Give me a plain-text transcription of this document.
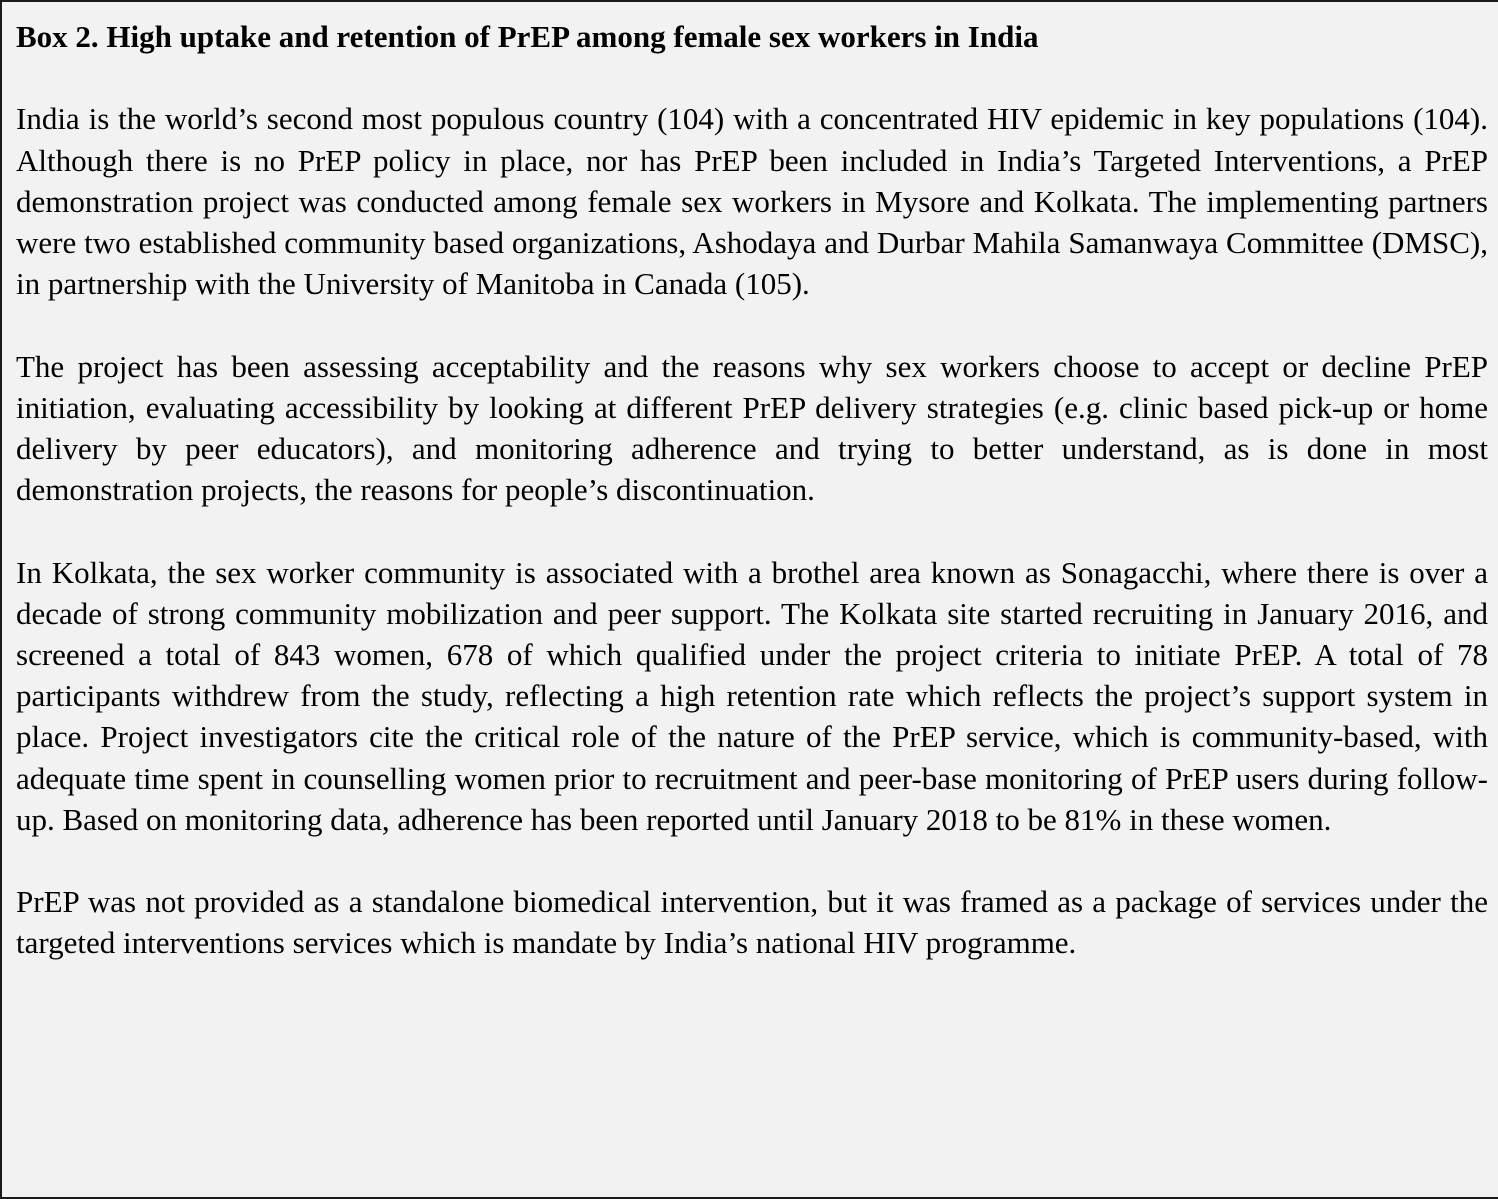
Box 2. High uptake and retention of PrEP among female sex workers in India

India is the world’s second most populous country (104) with a concentrated HIV epidemic in key populations (104). Although there is no PrEP policy in place, nor has PrEP been included in India’s Targeted Interventions, a PrEP demonstration project was conducted among female sex workers in Mysore and Kolkata. The implementing partners were two established community based organizations, Ashodaya and Durbar Mahila Samanwaya Committee (DMSC), in partnership with the University of Manitoba in Canada (105).

The project has been assessing acceptability and the reasons why sex workers choose to accept or decline PrEP initiation, evaluating accessibility by looking at different PrEP delivery strategies (e.g. clinic based pick-up or home delivery by peer educators), and monitoring adherence and trying to better understand, as is done in most demonstration projects, the reasons for people’s discontinuation.

In Kolkata, the sex worker community is associated with a brothel area known as Sonagacchi, where there is over a decade of strong community mobilization and peer support. The Kolkata site started recruiting in January 2016, and screened a total of 843 women, 678 of which qualified under the project criteria to initiate PrEP. A total of 78 participants withdrew from the study, reflecting a high retention rate which reflects the project’s support system in place. Project investigators cite the critical role of the nature of the PrEP service, which is community-based, with adequate time spent in counselling women prior to recruitment and peer-base monitoring of PrEP users during follow-up. Based on monitoring data, adherence has been reported until January 2018 to be 81% in these women.

PrEP was not provided as a standalone biomedical intervention, but it was framed as a package of services under the targeted interventions services which is mandate by India’s national HIV programme.
